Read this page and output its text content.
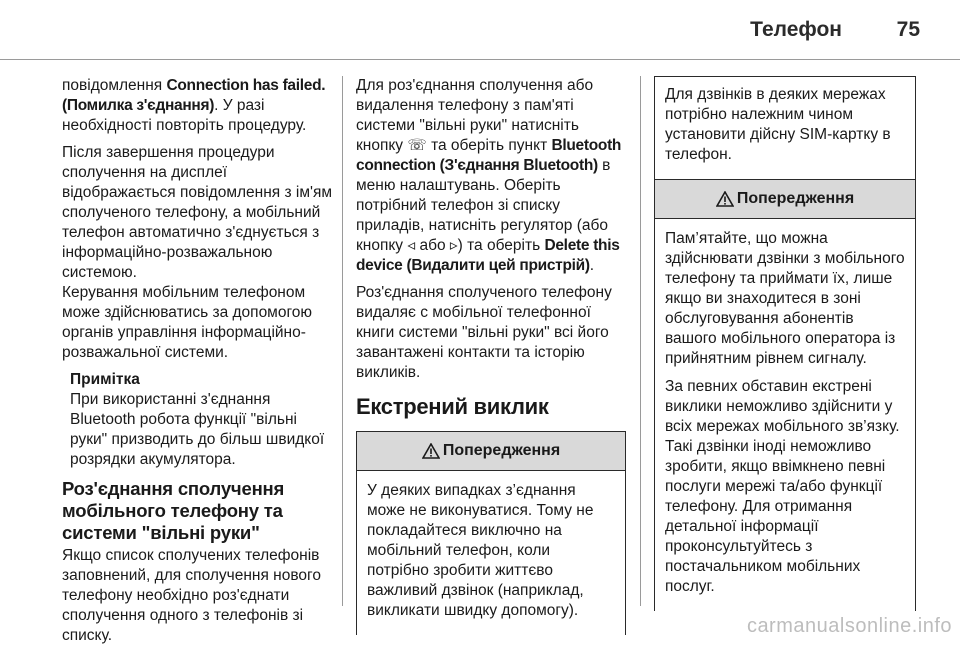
Телефон	75

повідомлення Connection has failed. (Помилка з'єднання). У разі необхідності повторіть процедуру.

Після завершення процедури сполучення на дисплеї відображається повідомлення з ім'ям сполученого телефону, а мобільний телефон автоматично з'єднується з інформаційно-розважальною системою.

Керування мобільним телефоном може здійснюватись за допомогою органів управління інформаційно-розважальної системи.

Примітка
При використанні з'єднання Bluetooth робота функції "вільні руки" призводить до більш швидкої розрядки акумулятора.
Роз'єднання сполучення мобільного телефону та системи "вільні руки"

Якщо список сполучених телефонів заповнений, для сполучення нового телефону необхідно роз'єднати сполучення одного з телефонів зі списку.

Для роз'єднання сполучення або видалення телефону з пам'яті системи "вільні руки" натисніть кнопку ☏ та оберіть пункт Bluetooth connection (З'єднання Bluetooth) в меню налаштувань. Оберіть потрібний телефон зі списку приладів, натисніть регулятор (або кнопку ◃ або ▹) та оберіть Delete this device (Видалити цей пристрій).

Роз'єднання сполученого телефону видаляє с мобільної телефонної книги системи "вільні руки" всі його завантажені контакти та історію викликів.

Екстрений виклик
Попередження

У деяких випадках з’єднання може не виконуватися. Тому не покладайтеся виключно на мобільний телефон, коли потрібно зробити життєво важливий дзвінок (наприклад, викликати швидку допомогу).

Для дзвінків в деяких мережах потрібно належним чином установити дійсну SIM-картку в телефон.
Попередження

Пам’ятайте, що можна здійснювати дзвінки з мобільного телефону та приймати їх, лише якщо ви знаходитеся в зоні обслуговування абонентів вашого мобільного оператора із прийнятним рівнем сигналу.

За певних обставин екстрені виклики неможливо здійснити у всіх мережах мобільного зв’язку. Такі дзвінки іноді неможливо зробити, якщо ввімкнено певні послуги мережі та/або функції телефону. Для отримання детальної інформації проконсультуйтесь з постачальником мобільних послуг.

carmanualsonline.info
